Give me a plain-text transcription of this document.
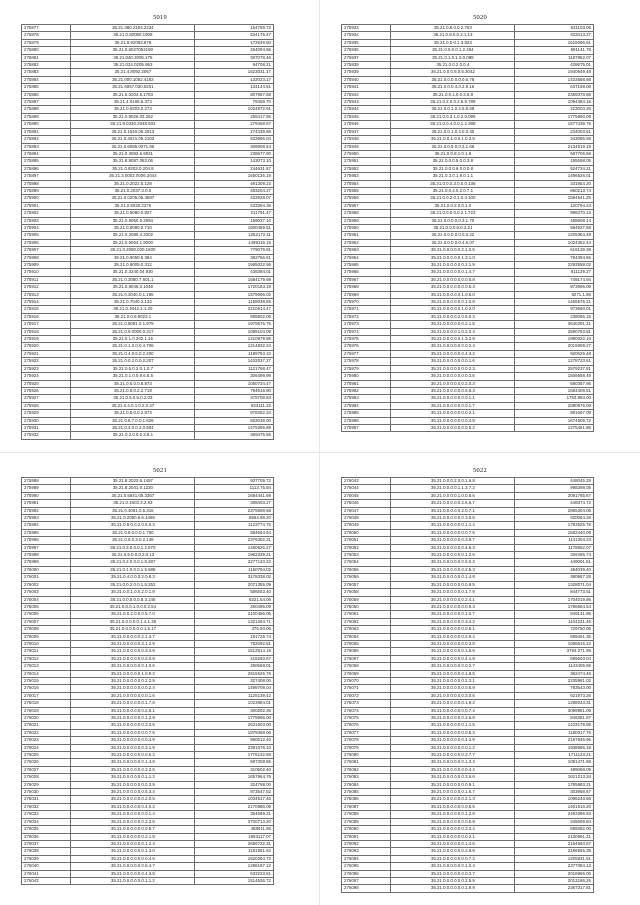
5019
275877	35.21.380.2104.2234	154759.72
275878	35.21.0.92080.1908	634176.47
275879	35.21.8.92083.878	172649.50
275880	35.21.0.6027052190	264094.56
275881	35.21.040.2005.175	307078.46
275882	35.21.024.0205.963	94708.21
275883	35.21.4.8092.2067	1523031.17
275884	35.21.000.1062.4182	132023.17
275885	35.21.6057.030.5201	134144.51
275886	35.21.5.0204.6.1783	807987.88
275887	35.21.4.0106.6.373	79459.70
275888	35.21.0.5203.0.273	1024972.91
275889	35.21.0.9026.03.362	255417.95
275890	35.21.9.0330.2048.602	279468.67
275891	35.21.0.1040.06.2013	274338.86
275892	35.21.0.4021.05.2103	533966.04
275893	35.21.0.6085.0071.95	308908.54
275894	35.21.0.3083.6.6931	238677.90
275895	35.21.8.8087.083.06	143073.10
275896	35.21.0.9203.0.204.8	244631.67
275897	35.21.3.0002.0006.2044	1650126.19
275898	35.21.0.2022.5.128	491309.23
275899	35.21.0.2037.3.0.5	483204.27
275900	35.21.0.0205.05.4587	432928.07
275901	35.21.0.8020.2276	233394.35
275902	35.21.0.5080.0.827	211791.47
275903	35.21.0.8060.5.2994	159037.10
275904	35.21.0.8080.0.710	1500469.51
275905	35.21.0.2080.4.3302	1252172.11
275906	35.21.0.5064.1.9000	1489116.15
275907	35.21.0.2080.020.1600	779079.81
275908	35.21.0.9050.5.384	382756.61
275909	35.21.0.9009.0.312	1565022.56
275910	35.21.0.3240.04.930	438394.01
275911	35.21.0.3080.7.601.1	1684179.69
275912	35.21.0.8046.0.1048	1720163.19
275913	35.21.0.3040.0.1.196	1579096.02
275914	35.21.0.7040.3.132	1159038.65
275915	35.21.0.4042.1.1.20	2210614.47
275916	35.21.0.0.6.9023.1	895902.06
275917	35.21.0.8091.0.1.979	1979676.76
275918	35.21.0.9.0000.0.317	1089104.09
275919	35.21.0.1.0.202.1.16	1210979.95
275920	35.21.0.1.0.0.0.4.706	1214832.24
275921	35.21.0.4.0.6.0.2.200	1199753.10
275922	35.21.0.0.2.0.0.2.207	1432037.27
275923	35.21.0.5.0.2.0.1.0.7	1121768.47
275924	35.21.0.1.0.0.9.6.6.5	306499.99
275925	35.21.0.5.0.0.8.873	1050734.47
275926	35.21.0.8.0.2.2.719	794916.90
275927	35.21.0.5.0.5.0.2.03	378708.83
275928	35.21.0.4.0.1.0.2.0.27	924111.22
275929	35.21.0.5.0.0.2.973	978362.34
275930	35.21.0.8.7.0.0.1.826	563039.00
275931	35.21.0.4.0.0.2.0.904	1475295.89
275932	35.21.0.2.0.0.0.3.8.1	369475.65
5020
275933	35.21.0.8.0.0.2.763	631103.06
275934	35.21.0.9.0.0.2.1.13	333413.27
275935	35.21.0.0.0.1.3.823	1615086.51
275936	35.21.0.5.0.0.1.2.264	591141.78
275937	35.21.0.1.0.1.0.0.088	1187952.07
275938	35.21.0.0.2.0.0.4	428675.01
275939	35.21.0.0.0.8.0.5.3042	1940649.48
275940	35.21.0.0.0.0.0.0.6.78	1433588.68
275941	35.21.0.0.0.4.0.2.9.16	637168.06
275942	35.21.0.0.1.0.0.3.6.9	2369378.86
275943	35.21.0.2.0.0.2.6.9.789	1094384.16
275944	35.21.0.0.1.0.2.6.8.68	223003.25
275945	35.21.0.0.3.1.0.2.5.099	1775890.09
275946	35.21.0.0.4.0.0.1.2.398	1577439.76
275947	35.21.0.0.1.0.4.0.3.40	234003.61
275948	35.21.0.0.1.0.0.1.0.3.5	343085.58
275949	35.21.0.0.9.0.0.3.1.68	2134519.19
275950	35.21.0.0.8.1.0.1.8	587706.58
275951	35.21.0.0.0.5.0.0.3.8	185598.05
275952	35.21.0.0.0.6.0.0.0.8	524734.21
275953	35.21.0.3.0.1.9.0.1.1	1496626.01
275954	35.21.0.0.0.3.0.0.0.136	331954.20
275955	35.21.0.0.4.0.2.0.7.1	860213.74
275956	35.21.0.0.2.0.1.0.4.100	1584541.25
275957	35.21.0.0.2.0.0.1.0	120794.23
275958	35.21.0.0.0.0.0.2.1.723	998370.13
275959	35.21.0.0.0.0.0.3.1.70	458608.14
275960	35.21.0.0.0.6.0.2.21	584927.58
275961	35.21.0.0.0.0.0.0.3.22	1209364.48
275962	35.21.0.0.0.0.0.4.5.07	1024352.44
275963	35.21.0.0.0.0.0.2.1.0.5	616139.38
275964	35.21.0.0.0.0.0.1.3.1.0	784394.56
275965	35.21.0.0.0.0.0.0.2.1.9	2293558.02
275966	35.21.0.0.0.0.0.0.1.4.7	811129.27
275967	35.21.0.0.0.0.0.0.0.5.8	749174.94
275968	35.21.0.0.0.0.0.0.0.6.3	873996.09
275969	35.21.0.0.0.0.0.1.0.6.0	8271.1.56
275970	35.21.0.0.0.0.0.0.1.0.8	1465576.21
275971	35.21.0.0.0.0.0.1.0.2.0	973650.01
275972	35.21.0.0.0.0.2.0.5.0.3	238085.15
275973	35.21.0.0.0.0.0.0.2.1.5	3640291.21
275974	35.21.0.0.0.0.1.0.2.0.4	2590763.81
275975	35.21.0.0.0.0.0.1.3.2.9	1980022.10
275976	35.21.0.0.0.0.0.0.0.2.4	2015909.27
275977	35.21.0.0.0.0.0.0.4.3.2	920625.48
275978	35.21.0.0.0.0.0.0.0.1.6	1278723.61
275979	35.21.0.0.0.0.0.0.0.2.3	2579237.51
275980	35.21.0.0.0.0.0.0.0.3.6	1509558.49
275981	35.21.0.0.0.0.0.0.2.0.3	580357.95
275982	35.21.0.0.0.0.0.0.9.8.3	1584409.51
275983	35.21.0.0.0.0.0.0.0.1.1	1763.893.00
275984	35.21.0.0.0.0.0.0.0.1.7	2080976.09
275985	35.21.0.0.0.0.0.0.0.2.1	891687.09
275986	35.21.0.0.0.0.0.0.0.4.8	1674509.72
275987	35.21.0.0.0.0.0.0.0.0.2	1275461.86
5021
275988	35.21.8.2023.6.1497	937709.72
275989	35.21.8.2041.0.1220	1113.75.84
275990	35.21.0.5641.05.3357	1684441.59
275991	35.21.0.1603.3.2.93	308403.27
275992	35.21.0.4061.0.5.316	2375699.68
275993	35.21.0.2050.6.6.4469	8564.98.20
275994	35.21.0.9.0.0.2.0.6.0.3	1123774.75
275995	35.21.0.8.0.0.0.1.750	584654.64
275996	35.21.0.6.0.3.0.2.146	2376302.21
275997	35.21.0.3.0.0.0.1.2.570	1480625.27
275998	35.21.0.5.0.0.0.2.0.13	1962339.21
275999	35.21.0.2.0.0.0.1.9.287	2277133.22
276000	35.21.0.1.0.0.0.1.5.688	1150784.02
276001	35.21.0.4.0.0.0.2.0.8.3	3178338.02
276002	35.21.0.0.2.0.0.1.5.252	2071355.09
276003	35.21.0.0.1.0.0.2.0.1.9	586553.40
276004	35.21.0.0.5.0.0.8.3.146	8221.54.06
276005	35.21.0.0.0.1.0.0.0.2.54	250495.09
276006	35.21.0.0.2.0.0.0.5.7.0	2100466.05
276007	35.21.0.0.0.0.0.1.4.1.38	1321264.71
276008	35.21.0.0.0.0.0.0.1.5.17	475.93.05
276009	35.21.0.0.0.0.0.2.1.3.7	191726.74
276010	35.21.0.0.0.0.0.3.1.2.9	792092.81
276011	35.21.0.0.0.0.0.0.3.4.8	1512614.16
276012	35.21.0.0.0.0.0.0.2.0.8	416293.67
276013	35.21.0.0.0.0.0.0.4.0.6	290668.01
276014	35.21.0.0.0.0.0.1.0.9.3	2915626.76
276015	35.21.0.0.0.0.0.0.2.2.9	327408.00
276016	35.21.0.0.0.0.0.0.0.2.4	1499709.04
276017	35.21.0.0.0.0.0.0.0.1.6	1125139.42
276018	35.21.0.0.0.0.0.0.1.7.6	1023984.01
276019	35.21.0.0.0.0.0.0.2.8.1	300292.35
276020	35.21.0.0.0.0.0.0.1.2.9	1779656.00
276021	35.21.0.0.0.0.0.0.3.3.6	2631603.00
276022	35.21.0.0.0.0.0.0.0.7.6	1979468.06
276023	35.21.0.0.0.0.0.0.0.4.9	960512.40
276024	35.21.0.0.0.0.0.0.3.1.9	2391076.10
276025	35.21.0.0.0.0.0.0.0.6.2	1776132.68
276026	35.21.0.0.0.0.0.0.1.4.8	597308.86
276027	35.21.0.0.0.0.0.0.2.2.6	310602.40
276028	35.21.0.0.0.0.0.0.1.1.3	1657964.76
276029	35.21.0.0.0.0.0.0.0.3.9	324798.00
276030	35.21.0.0.0.0.0.0.6.3.4	873547.52
276031	35.21.0.0.0.0.0.0.2.0.5	1034517.46
276032	35.21.0.0.0.0.0.0.4.0.2	2170986.09
276033	35.21.0.0.0.0.0.0.0.1.4	354689.21
276034	35.21.0.0.0.0.0.0.2.3.5	3700713.20
276035	35.21.0.0.0.0.0.0.0.9.7	458011.65
276036	35.21.0.0.0.0.0.0.2.1.8	1953117.07
276037	35.21.0.0.0.0.0.0.1.2.4	2656722.31
276038	35.21.0.0.0.0.0.0.1.3.0	1191551.62
276039	35.21.0.0.0.0.0.0.0.4.6	1520284.72
276040	35.21.0.0.0.0.0.0.6.4.7	1298197.12
276041	35.21.0.0.0.0.0.0.4.3.8	633223.51
276042	35.21.0.0.0.0.0.0.1.1.2	1514536.72
5022
276043	35.21.0.0.0.2.0.0.1.6.8	448045.29
276044	35.21.0.0.0.0.1.1.3.7.2	998398.05
276045	35.21.0.0.0.0.1.0.0.8.6	2091765.67
276046	35.21.0.0.0.0.0.2.6.5.7	448374.72
276047	35.21.0.0.0.0.0.2.0.7.1	2865304.06
276048	35.21.0.0.0.0.0.0.3.5.5	920064.28
276049	35.21.0.0.0.0.0.0.1.1.4	1793525.78
276050	35.21.0.0.0.0.0.0.0.7.6	1582440.09
276051	35.21.0.0.0.0.0.0.3.9.7	1141304.23
276052	35.21.0.0.0.0.0.0.4.6.3	1178652.07
276053	35.21.0.0.0.0.0.0.1.2.6	326496.74
276054	35.21.0.0.0.0.0.0.6.0.2	449061.51
276055	35.21.0.0.0.0.0.0.2.5.3	484039.40
276056	35.21.0.0.0.0.0.0.1.4.8	380987.28
276057	35.21.0.0.0.0.0.0.0.8.5	1328071.04
276058	35.21.0.0.0.0.0.0.1.7.9	844773.51
276059	35.21.0.0.0.0.0.0.2.4.1	1704019.86
276060	35.21.0.0.0.0.0.0.0.9.3	1786564.54
276061	35.21.0.0.0.0.0.0.1.0.7	849131.96
276062	35.21.0.0.0.0.0.0.3.4.2	1104231.45
276063	35.21.0.0.0.0.0.0.0.6.1	729750.05
276064	35.21.0.0.0.0.0.0.2.9.4	589461.35
276065	35.21.0.0.0.0.0.0.0.3.8	1086615.22
276066	35.21.0.0.0.0.0.0.1.5.6	3794.071.95
276067	35.21.0.0.0.0.0.0.4.1.9	695603.04
276068	35.21.0.0.0.0.0.0.0.2.7	1143405.96
276069	35.21.0.0.0.0.0.0.1.8.5	362474.46
276070	35.21.0.0.0.0.0.0.2.3.1	2335981.02
276071	35.21.0.0.0.0.0.0.0.5.9	783543.00
276072	35.21.0.0.0.0.0.0.3.0.6	621973.26
276073	35.21.0.0.0.0.0.0.1.9.2	1288043.31
276074	35.21.0.0.0.0.0.0.0.7.4	3099981.09
276075	35.21.0.0.0.0.0.0.2.6.8	846381.87
276076	35.21.0.0.0.0.0.0.1.1.5	1433179.99
276077	35.21.0.0.0.0.0.0.0.8.3	1180017.76
276078	35.21.0.0.0.0.0.0.4.2.9	2197946.96
276079	35.21.0.0.0.0.0.0.0.1.2	1938686.18
276080	35.21.0.0.0.0.0.0.2.7.7	1711123.21
276081	35.21.0.0.0.0.0.0.1.3.3	1081471.88
276082	35.21.0.0.0.0.0.0.0.4.4	489068.09
276083	35.21.0.0.0.0.0.0.3.6.6	1621213.34
276084	35.21.0.0.0.0.0.0.0.9.1	1785883.21
276085	35.21.0.0.0.0.0.0.1.6.7	303968.67
276086	35.21.0.0.0.0.0.0.2.1.3	1095243.66
276087	35.21.0.0.0.0.0.0.0.5.5	1401516.20
276088	35.21.0.0.0.0.0.0.1.2.8	2493396.53
276089	35.21.0.0.0.0.0.0.0.6.9	345599.84
276090	35.21.0.0.0.0.0.0.3.3.4	699382.00
276091	35.21.0.0.0.0.0.0.0.2.1	2130691.21
276092	35.21.0.0.0.0.0.0.1.4.6	2154694.57
276093	35.21.0.0.0.0.0.0.2.8.8	2186565.35
276094	35.21.0.0.0.0.0.0.0.7.2	1205931.51
276095	35.21.0.0.0.0.0.0.1.0.4	2377084.13
276096	35.21.0.0.0.0.0.0.0.3.7	2018966.06
276097	35.21.0.0.0.0.0.0.2.5.9	2013186.26
276098	35.21.0.0.0.0.0.0.1.9.9	2367317.81
